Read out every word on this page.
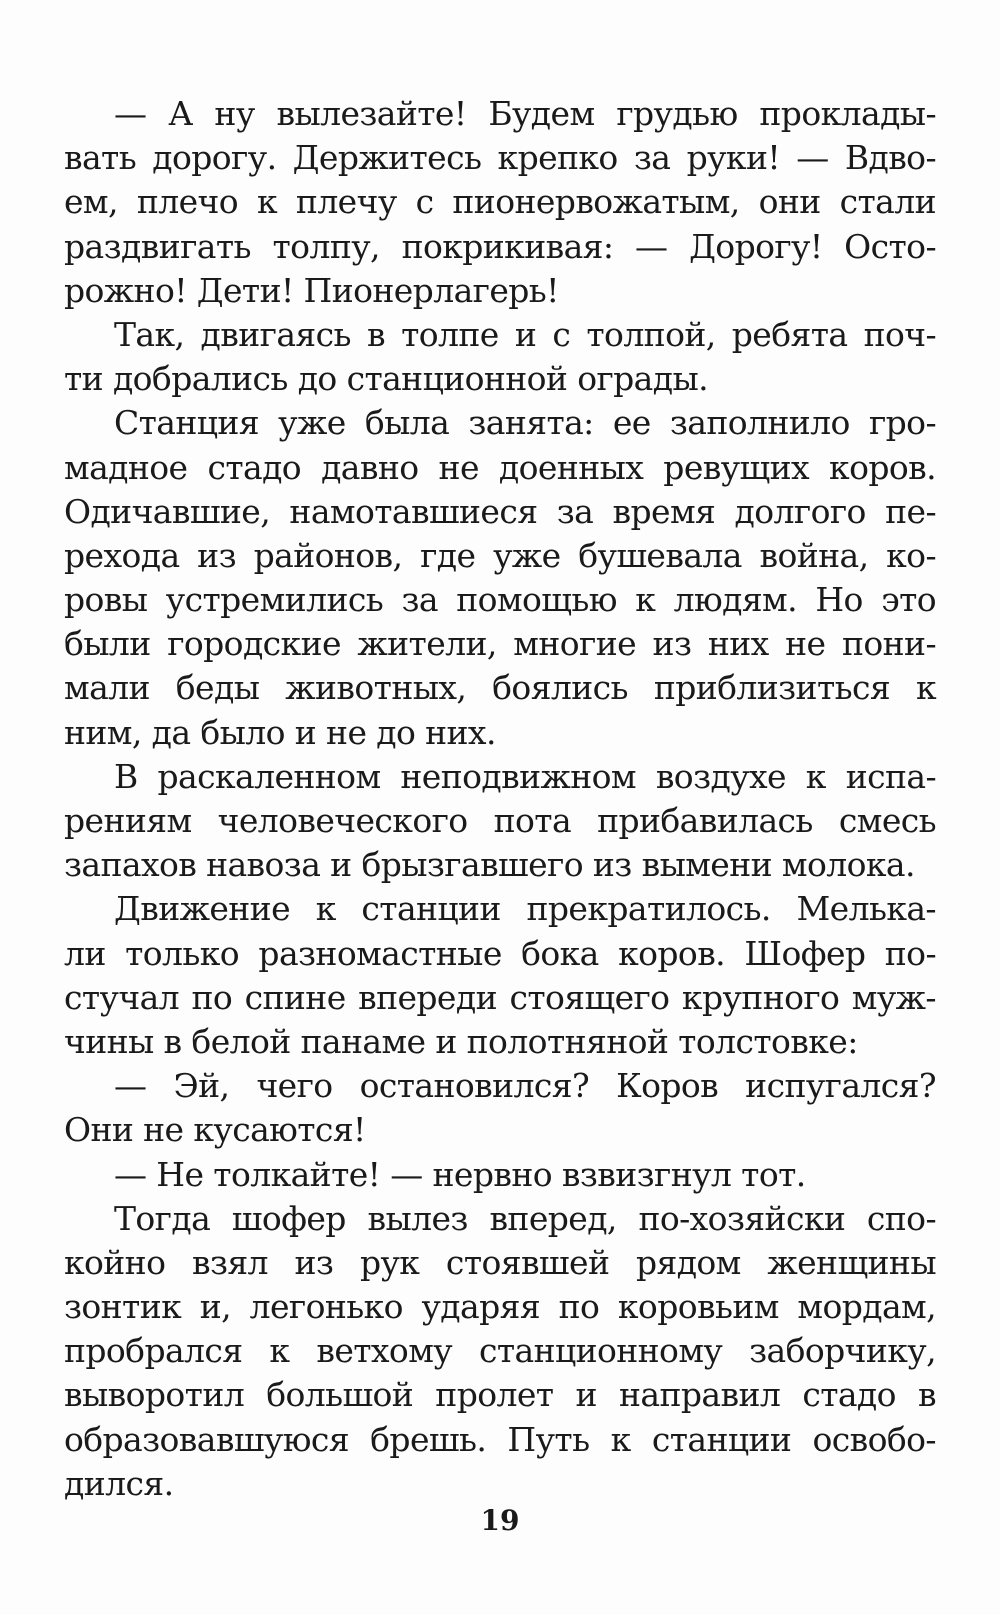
— А ну вылезайте! Будем грудью проклады-
вать дорогу. Держитесь крепко за руки! — Вдво-
ем, плечо к плечу с пионервожатым, они стали
раздвигать толпу, покрикивая: — Дорогу! Осто-
рожно! Дети! Пионерлагерь!
Так, двигаясь в толпе и с толпой, ребята поч-
ти добрались до станционной ограды.
Станция уже была занята: ее заполнило гро-
мадное стадо давно не доенных ревущих коров.
Одичавшие, намотавшиеся за время долгого пе-
рехода из районов, где уже бушевала война, ко-
ровы устремились за помощью к людям. Но это
были городские жители, многие из них не пони-
мали беды животных, боялись приблизиться к
ним, да было и не до них.
В раскаленном неподвижном воздухе к испа-
рениям человеческого пота прибавилась смесь
запахов навоза и брызгавшего из вымени молока.
Движение к станции прекратилось. Мелька-
ли только разномастные бока коров. Шофер по-
стучал по спине впереди стоящего крупного муж-
чины в белой панаме и полотняной толстовке:
— Эй, чего остановился? Коров испугался?
Они не кусаются!
— Не толкайте! — нервно взвизгнул тот.
Тогда шофер вылез вперед, по-хозяйски спо-
койно взял из рук стоявшей рядом женщины
зонтик и, легонько ударяя по коровьим мордам,
пробрался к ветхому станционному заборчику,
выворотил большой пролет и направил стадо в
образовавшуюся брешь. Путь к станции освобо-
дился.
19
